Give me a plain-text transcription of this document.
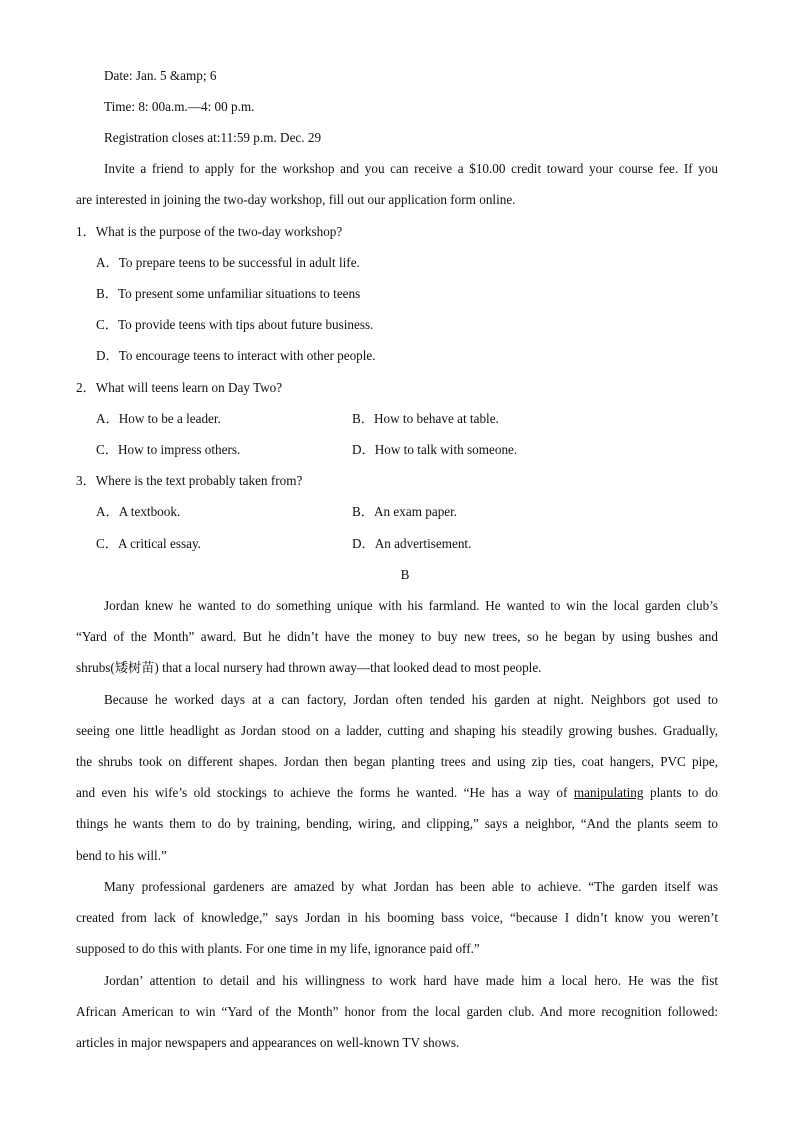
Date: Jan. 5 &amp; 6
Time: 8: 00a.m.—4: 00 p.m.
Registration closes at:11:59 p.m. Dec. 29
Invite a friend to apply for the workshop and you can receive a $10.00 credit toward your course fee. If you
are interested in joining the two-day workshop, fill out our application form online.
1．What is the purpose of the two-day workshop?
A．To prepare teens to be successful in adult life.
B．To present some unfamiliar situations to teens
C．To provide teens with tips about future business.
D．To encourage teens to interact with other people.
2．What will teens learn on Day Two?
A．How to be a leader.	B．How to behave at table.
C．How to impress others.	D．How to talk with someone.
3．Where is the text probably taken from?
A．A textbook.	B．An exam paper.
C．A critical essay.	D．An advertisement.
B
Jordan knew he wanted to do something unique with his farmland. He wanted to win the local garden club’s
“Yard of the Month” award. But he didn’t have the money to buy new trees, so he began by using bushes and
shrubs(矮树苗) that a local nursery had thrown away—that looked dead to most people.
Because he worked days at a can factory, Jordan often tended his garden at night. Neighbors got used to
seeing one little headlight as Jordan stood on a ladder, cutting and shaping his steadily growing bushes. Gradually,
the shrubs took on different shapes. Jordan then began planting trees and using zip ties, coat hangers, PVC pipe,
and even his wife’s old stockings to achieve the forms he wanted. “He has a way of manipulating plants to do
things he wants them to do by training, bending, wiring, and clipping,” says a neighbor, “And the plants seem to
bend to his will.”
Many professional gardeners are amazed by what Jordan has been able to achieve. “The garden itself was
created from lack of knowledge,” says Jordan in his booming bass voice, “because I didn’t know you weren’t
supposed to do this with plants. For one time in my life, ignorance paid off.”
Jordan’ attention to detail and his willingness to work hard have made him a local hero. He was the fist
African American to win “Yard of the Month” honor from the local garden club. And more recognition followed:
articles in major newspapers and appearances on well-known TV shows.
